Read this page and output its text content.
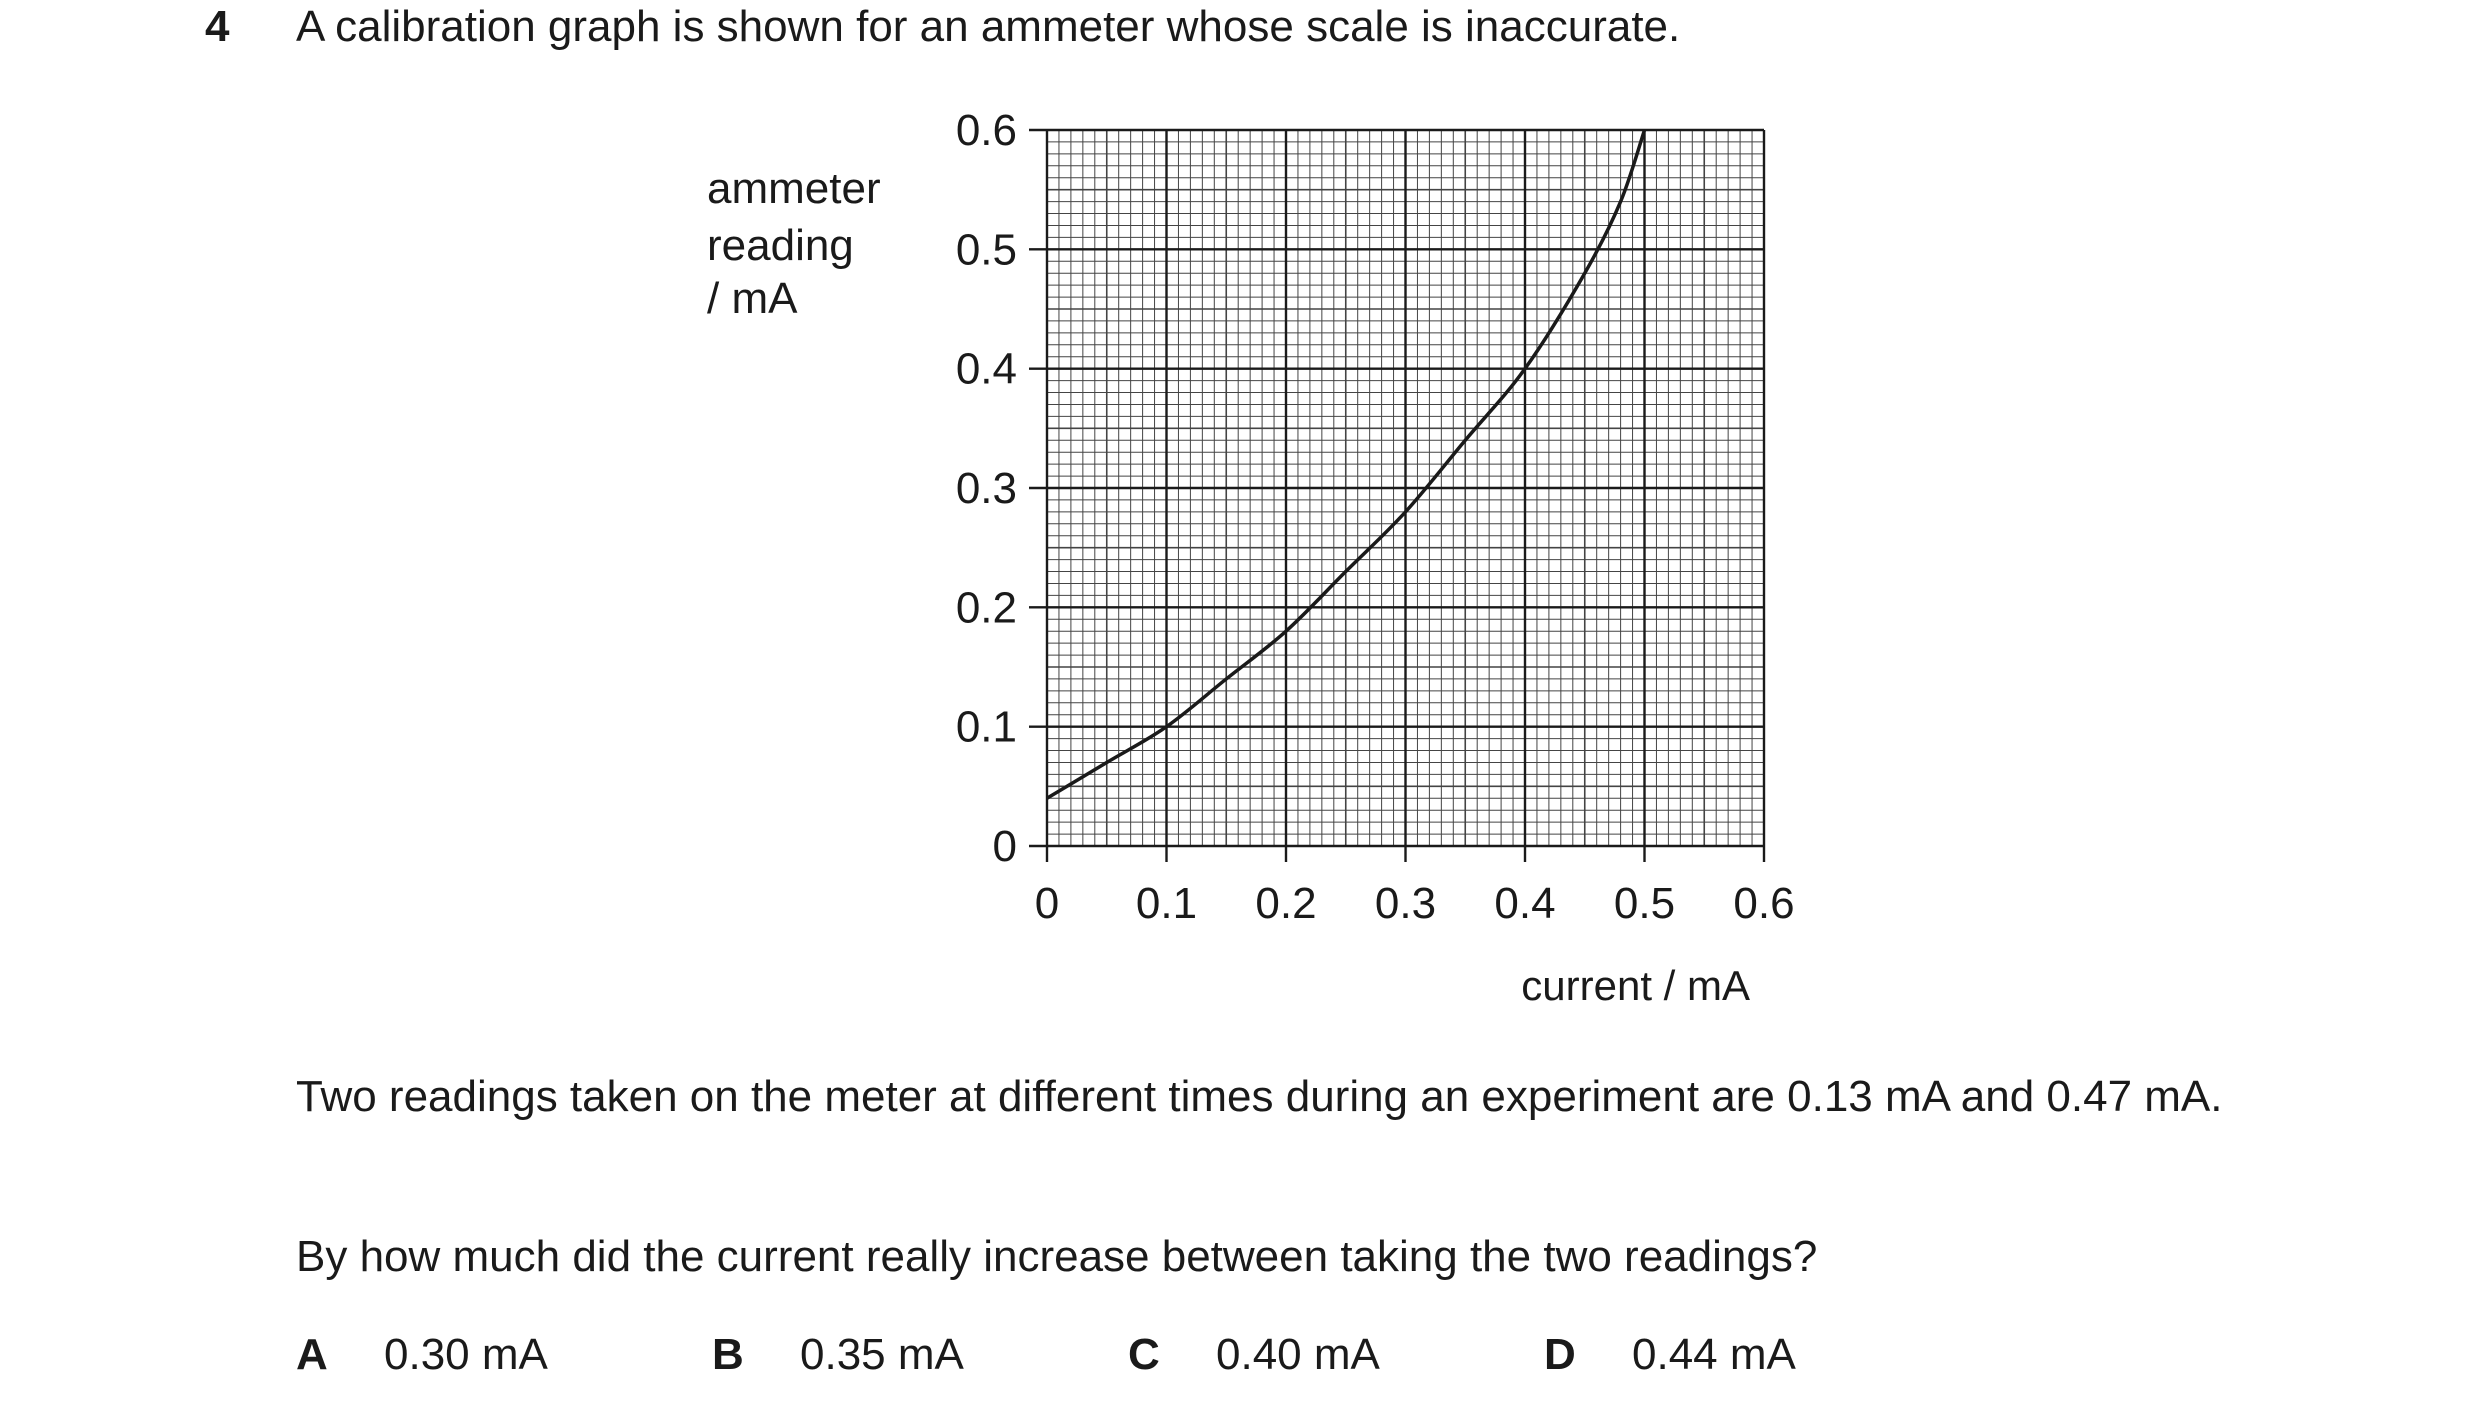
4 A calibration graph is shown for an ammeter whose scale is inaccurate.
0
0.1
0.2
0.3
0.4
0.5
0.6
0 0.1 0.2 0.3 0.4 0.5 0.6
ammeter
reading
/ mA
current / mA
Two readings taken on the meter at different times during an experiment are 0.13 mA and 0.47 mA.
By how much did the current really increase between taking the two readings?
A 0.30 mA	B 0.35 mA	C 0.40 mA	D 0.44 mA
